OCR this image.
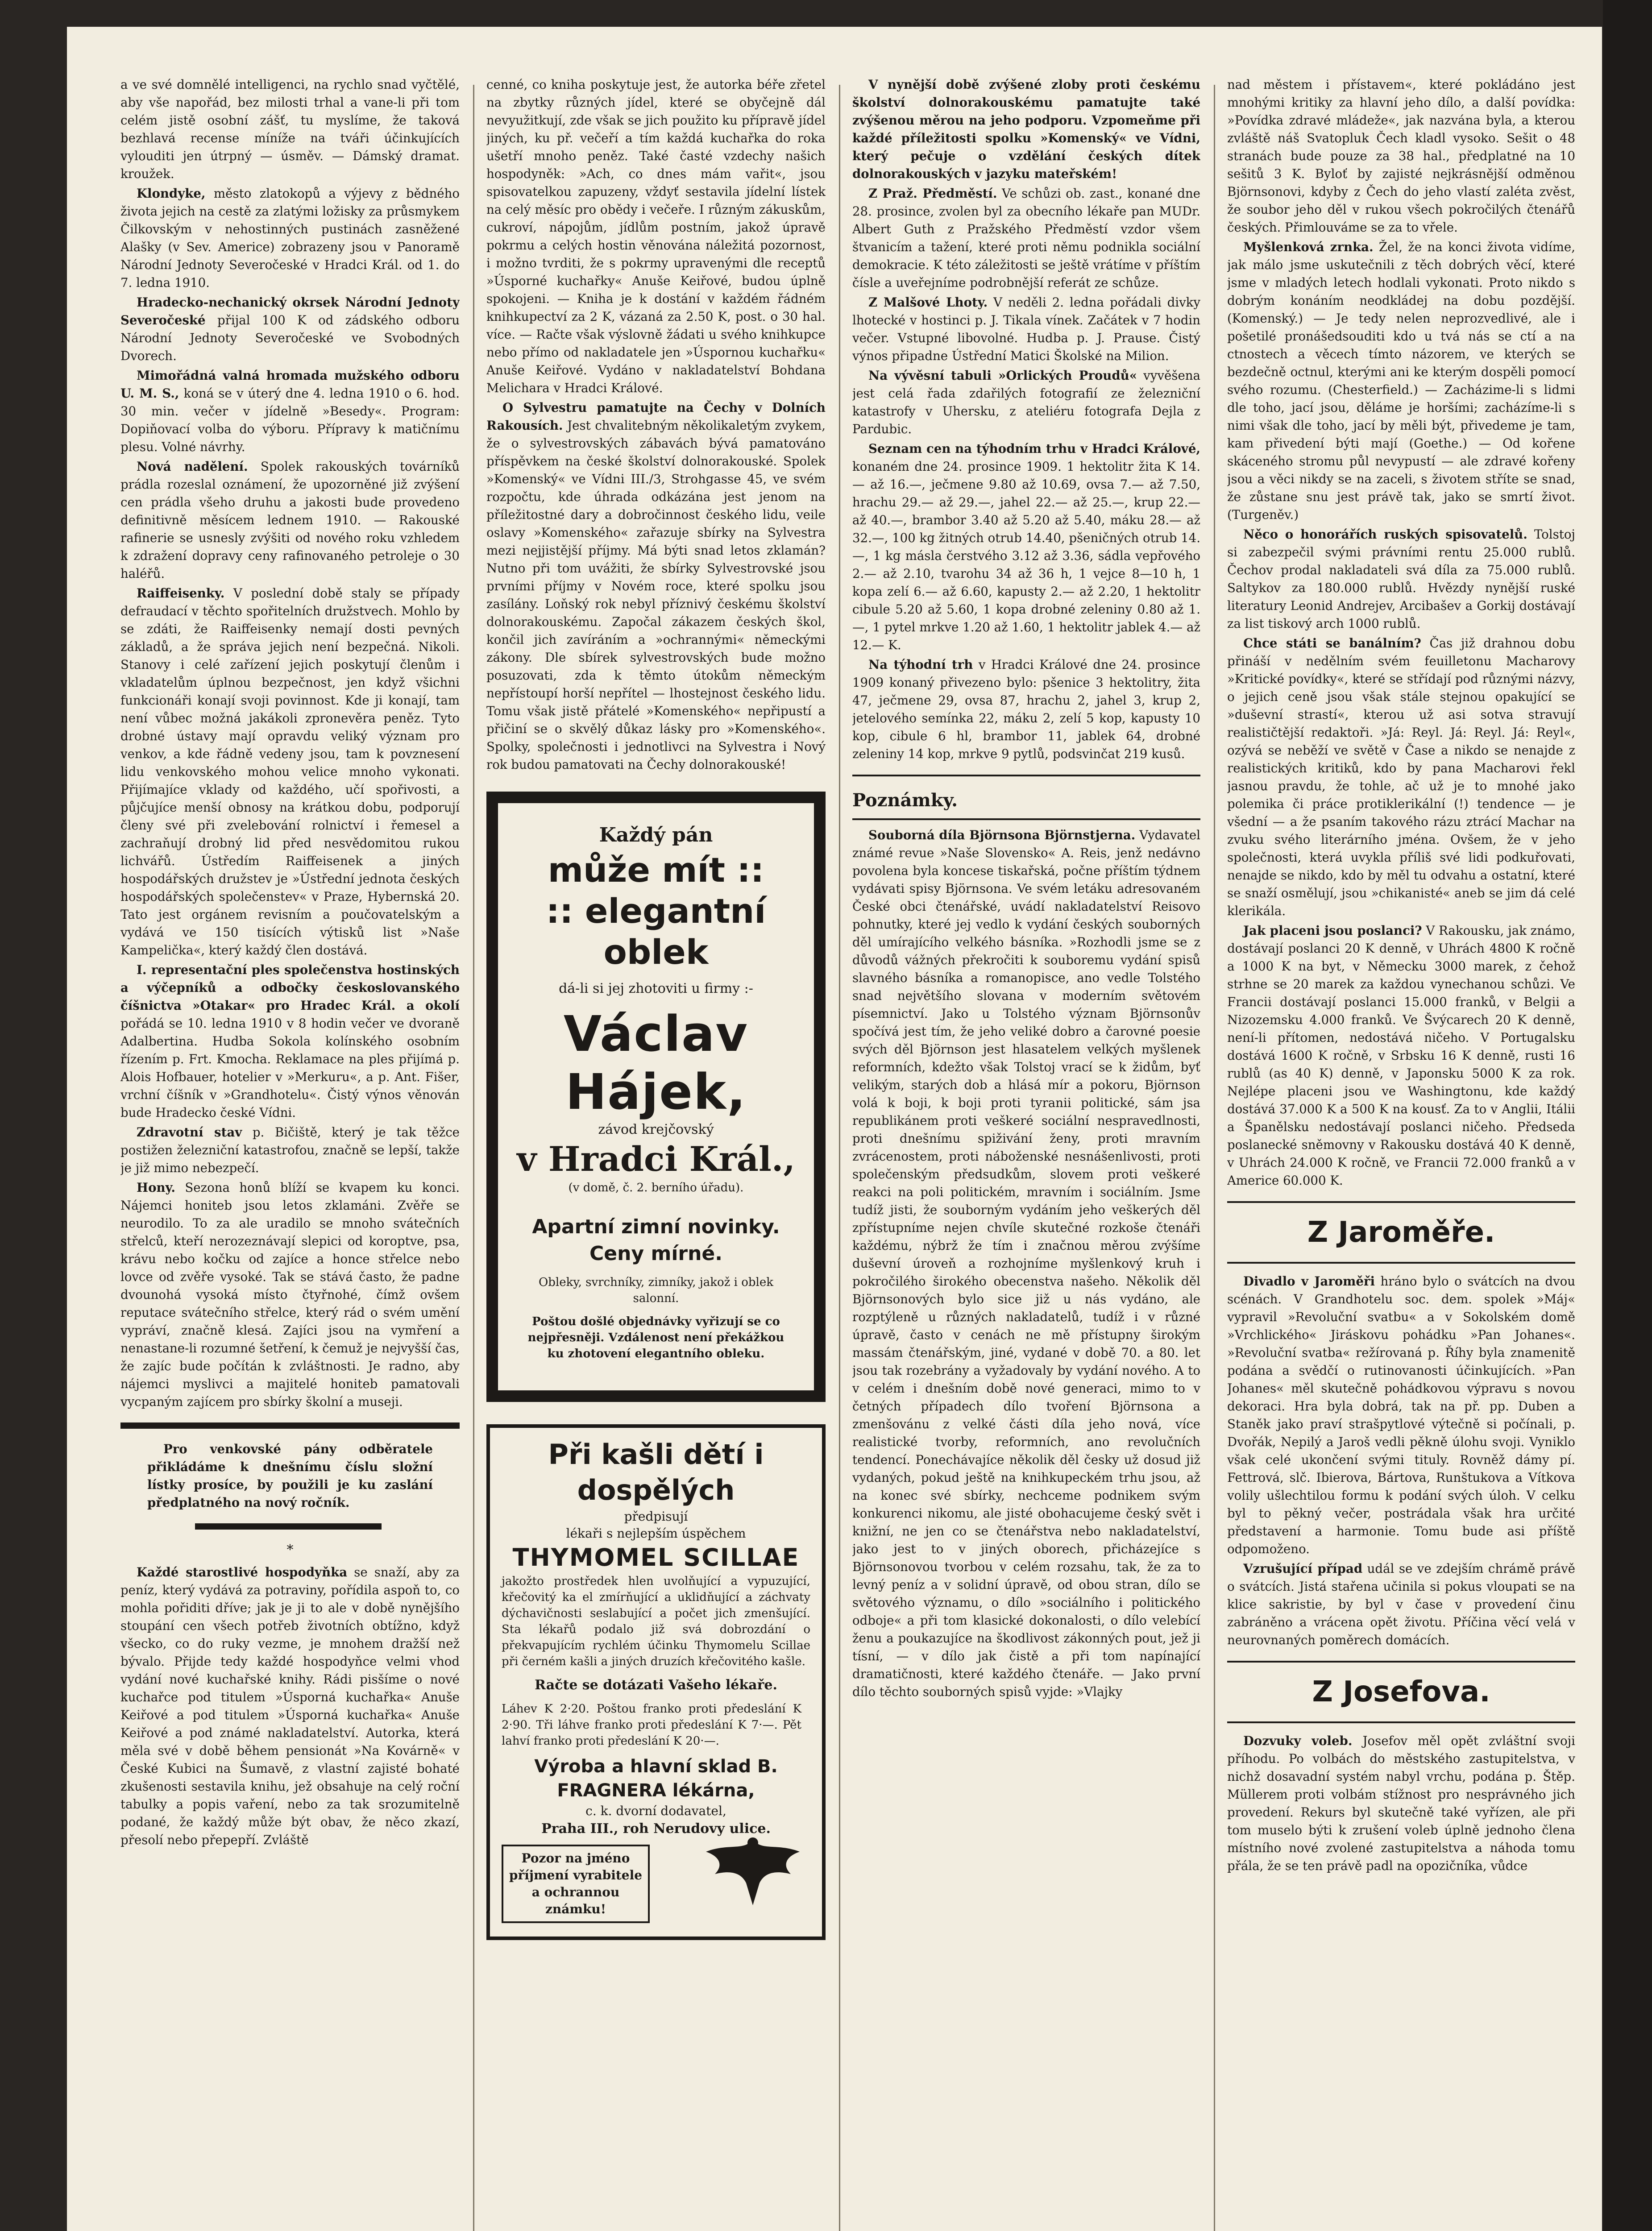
a ve své domnělé intelligenci, na rychlo snad vyčtělé, aby vše napořád, bez milosti trhal a vane-li při tom celém jistě osobní zášť, tu myslíme, že taková bezhlavá recense míníže na tváři účinkujících vylouditi jen útrpný — úsměv. — Dámský dramat. kroužek.

Klondyke, město zlatokopů a výjevy z bědného života jejich na cestě za zlatými ložisky za průsmykem Čilkovským v nehostinných pustinách zasněžené Alašky (v Sev. Americe) zobrazeny jsou v Panoramě Národní Jednoty Severočeské v Hradci Král. od 1. do 7. ledna 1910.

Hradecko-nechanický okrsek Národní Jednoty Severočeské přijal 100 K od zádského odboru Národní Jednoty Severočeské ve Svobodných Dvorech.

Mimořádná valná hromada mužského odboru U. M. S., koná se v úterý dne 4. ledna 1910 o 6. hod. 30 min. večer v jídelně »Besedy«. Program: Dopiňovací volba do výboru. Přípravy k matičnímu plesu. Volné návrhy.

Nová nadělení. Spolek rakouských továrníků prádla rozeslal oznámení, že upozorněné již zvýšení cen prádla všeho druhu a jakosti bude provedeno definitivně měsícem lednem 1910. — Rakouské rafinerie se usnesly zvýšiti od nového roku vzhledem k zdražení dopravy ceny rafinovaného petroleje o 30 haléřů.

Raiffeisenky. V poslední době staly se případy defraudací v těchto spořitelních družstvech. Mohlo by se zdáti, že Raiffeisenky nemají dosti pevných základů, a že správa jejich není bezpečná. Nikoli. Stanovy i celé zařízení jejich poskytují členům i vkladatelům úplnou bezpečnost, jen když všichni funkcionáři konají svoji povinnost. Kde ji konají, tam není vůbec možná jakákoli zpronevěra peněz. Tyto drobné ústavy mají opravdu veliký význam pro venkov, a kde řádně vedeny jsou, tam k povznesení lidu venkovského mohou velice mnoho vykonati. Přijímajíce vklady od každého, učí spořivosti, a půjčujíce menší obnosy na krátkou dobu, podporují členy své při zvelebování rolnictví i řemesel a zachraňují drobný lid před nesvědomitou rukou lichvářů. Ústředím Raiffeisenek a jiných hospodářských družstev je »Ústřední jednota českých hospodářských společenstev« v Praze, Hybernská 20. Tato jest orgánem revisním a poučovatelským a vydává ve 150 tisících výtisků list »Naše Kampelička«, který každý člen dostává.

I. representační ples společenstva hostinských a výčepníků a odbočky českoslovanského číšnictva »Otakar« pro Hradec Král. a okolí pořádá se 10. ledna 1910 v 8 hodin večer ve dvoraně Adalbertina. Hudba Sokola kolínského osobním řízením p. Frt. Kmocha. Reklamace na ples přijímá p. Alois Hofbauer, hotelier v »Merkuru«, a p. Ant. Fišer, vrchní číšník v »Grandhotelu«. Čistý výnos věnován bude Hradecko české Vídni.

Zdravotní stav p. Bičiště, který je tak těžce postižen železniční katastrofou, značně se lepší, takže je již mimo nebezpečí.

Hony. Sezona honů blíží se kvapem ku konci. Nájemci honiteb jsou letos zklamáni. Zvěře se neurodilo. To za ale uradilo se mnoho svátečních střelců, kteří nerozeznávají slepici od koroptve, psa, krávu nebo kočku od zajíce a honce střelce nebo lovce od zvěře vysoké. Tak se stává často, že padne dvounohá vysoká místo čtyřnohé, čímž ovšem reputace svátečního střelce, který rád o svém umění vypráví, značně klesá. Zajíci jsou na vymření a nenastane-li rozumné šetření, k čemuž je nejvyšší čas, že zajíc bude počítán k zvláštnosti. Je radno, aby nájemci myslivci a majitelé honiteb pamatovali vycpaným zajícem pro sbírky školní a museji.

Pro venkovské pány odběratele přikládáme k dnešnímu číslu složní lístky prosíce, by použili je ku zaslání předplatného na nový ročník.

*

Každé starostlivé hospodyňka se snaží, aby za peníz, který vydává za potraviny, pořídila aspoň to, co mohla pořiditi dříve; jak je ji to ale v době nynějšího stoupání cen všech potřeb životních obtížno, když všecko, co do ruky vezme, je mnohem dražší než bývalo. Přijde tedy každé hospodyňce velmi vhod vydání nové kuchařské knihy. Rádi pisšíme o nové kuchařce pod titulem »Úsporná kuchařka« Anuše Keiřové a pod titulem »Úsporná kuchařka« Anuše Keiřové a pod známé nakladatelství. Autorka, která měla své v době během pensionát »Na Kovárně« v České Kubici na Šumavě, z vlastní zajisté bohaté zkušenosti sestavila knihu, jež obsahuje na celý roční tabulky a popis vaření, nebo za tak srozumitelně podané, že každý může být obav, že něco zkazí, přesolí nebo přepepří. Zvláště

cenné, co kniha poskytuje jest, že autorka béře zřetel na zbytky různých jídel, které se obyčejně dál nevyužitkují, zde však se jich použito ku přípravě jídel jiných, ku př. večeří a tím každá kuchařka do roka ušetří mnoho peněz. Také časté vzdechy našich hospodyněk: »Ach, co dnes mám vařit«, jsou spisovatelkou zapuzeny, vždyť sestavila jídelní lístek na celý měsíc pro obědy i večeře. I různým zákuskům, cukroví, nápojům, jídlům postním, jakož úpravě pokrmu a celých hostin věnována náležitá pozornost, i možno tvrditi, že s pokrmy upravenými dle receptů »Úsporné kuchařky« Anuše Keiřové, budou úplně spokojeni. — Kniha je k dostání v každém řádném knihkupectví za 2 K, vázaná za 2.50 K, post. o 30 hal. více. — Račte však výslovně žádati u svého knihkupce nebo přímo od nakladatele jen »Úspornou kuchařku« Anuše Keiřové. Vydáno v nakladatelství Bohdana Melichara v Hradci Králové.

O Sylvestru pamatujte na Čechy v Dolních Rakousích. Jest chvalitebným několikaletým zvykem, že o sylvestrovských zábavách bývá pamatováno příspěvkem na české školství dolnorakouské. Spolek »Komenský« ve Vídni III./3, Strohgasse 45, ve svém rozpočtu, kde úhrada odkázána jest jenom na příležitostné dary a dobročinnost českého lidu, veile oslavy »Komenského« zařazuje sbírky na Sylvestra mezi nejjistější příjmy. Má býti snad letos zklamán? Nutno při tom uvážiti, že sbírky Sylvestrovské jsou prvními příjmy v Novém roce, které spolku jsou zasílány. Loňský rok nebyl příznivý českému školství dolnorakouskému. Započal zákazem českých škol, končil jich zavíráním a »ochrannými« německými zákony. Dle sbírek sylvestrovských bude možno posuzovati, zda k těmto útokům německým nepřístoupí horší nepřítel — lhostejnost českého lidu. Tomu však jistě přátelé »Komenského« nepřipustí a přičiní se o skvělý důkaz lásky pro »Komenského«. Spolky, společnosti i jednotlivci na Sylvestra i Nový rok budou pamatovati na Čechy dolnorakouské!

Každý pán
může mít ::
:: elegantní
oblek
dá-li si jej zhotoviti u firmy :-
Václav Hájek,
závod krejčovský
v Hradci Král.,
(v domě, č. 2. berního úřadu).
Apartní zimní novinky.
Ceny mírné.
Obleky, svrchníky, zimníky, jakož i oblek salonní.
Poštou došlé objednávky vyřizují se co nejpřesněji. Vzdálenost není překážkou ku zhotovení elegantního obleku.
Při kašli dětí i dospělých
předpisují
lékaři s nejlepším úspěchem
THYMOMEL SCILLAE
jakožto prostředek hlen uvolňující a vypuzující, křečovitý ka el zmírňující a uklidňující a záchvaty dýchavičnosti seslabující a počet jich zmenšující. Sta lékařů podalo již svá dobrozdání o překvapujícím rychlém účinku Thymomelu Scillae při černém kašli a jiných druzích křečovitého kašle.
Račte se dotázati Vašeho lékaře.
Láhev K 2·20. Poštou franko proti předeslání K 2·90. Tři láhve franko proti předeslání K 7·—. Pět lahví franko proti předeslání K 20·—.
Výroba a hlavní sklad B.
FRAGNERA lékárna,
c. k. dvorní dodavatel,
Praha III., roh Nerudovy ulice.
Pozor na jméno příjmení vyrabitele a ochrannou známku!

V nynější době zvýšené zloby proti českému školství dolnorakouskému pamatujte také zvýšenou měrou na jeho podporu. Vzpomeňme při každé příležitosti spolku »Komenský« ve Vídni, který pečuje o vzdělání českých dítek dolnorakouských v jazyku mateřském!

Z Praž. Předměstí. Ve schůzi ob. zast., konané dne 28. prosince, zvolen byl za obecního lékaře pan MUDr. Albert Guth z Pražského Předměstí vzdor všem štvanicím a tažení, které proti němu podnikla sociální demokracie. K této záležitosti se ještě vrátíme v příštím čísle a uveřejníme podrobnější referát ze schůze.

Z Malšové Lhoty. V neděli 2. ledna pořádali divky lhotecké v hostinci p. J. Tikala vínek. Začátek v 7 hodin večer. Vstupné libovolné. Hudba p. J. Prause. Čistý výnos připadne Ústřední Matici Školské na Milion.

Na vývěsní tabuli »Orlických Proudů« vyvěšena jest celá řada zdařilých fotografií ze železniční katastrofy v Uhersku, z ateliéru fotografa Dejla z Pardubic.

Seznam cen na týhodním trhu v Hradci Králové, konaném dne 24. prosince 1909. 1 hektolitr žita K 14.— až 16.—, ječmene 9.80 až 10.69, ovsa 7.— až 7.50, hrachu 29.— až 29.—, jahel 22.— až 25.—, krup 22.— až 40.—, brambor 3.40 až 5.20 až 5.40, máku 28.— až 32.—, 100 kg žitných otrub 14.40, pšeničných otrub 14.—, 1 kg másla čerstvého 3.12 až 3.36, sádla vepřového 2.— až 2.10, tvarohu 34 až 36 h, 1 vejce 8—10 h, 1 kopa zelí 6.— až 6.60, kapusty 2.— až 2.20, 1 hektolitr cibule 5.20 až 5.60, 1 kopa drobné zeleniny 0.80 až 1.—, 1 pytel mrkve 1.20 až 1.60, 1 hektolitr jablek 4.— až 12.— K.

Na týhodní trh v Hradci Králové dne 24. prosince 1909 konaný přivezeno bylo: pšenice 3 hektolitry, žita 47, ječmene 29, ovsa 87, hrachu 2, jahel 3, krup 2, jetelového semínka 22, máku 2, zelí 5 kop, kapusty 10 kop, cibule 6 hl, brambor 11, jablek 64, drobné zeleniny 14 kop, mrkve 9 pytlů, podsvinčat 219 kusů.

Poznámky.

Souborná díla Björnsona Björnstjerna. Vydavatel známé revue »Naše Slovensko« A. Reis, jenž nedávno povolena byla koncese tiskařská, počne příštím týdnem vydávati spisy Björnsona. Ve svém letáku adresovaném České obci čtenářské, uvádí nakladatelství Reisovo pohnutky, které jej vedlo k vydání českých souborných děl umírajícího velkého básníka. »Rozhodli jsme se z důvodů vážných překročiti k souboremu vydání spisů slavného básníka a romanopisce, ano vedle Tolstého snad největšího slovana v moderním světovém písemnictví. Jako u Tolstého význam Björnsonův spočívá jest tím, že jeho veliké dobro a čarovné poesie svých děl Björnson jest hlasatelem velkých myšlenek reformních, kdežto však Tolstoj vrací se k židům, byť velikým, starých dob a hlásá mír a pokoru, Björnson volá k boji, k boji proti tyranii politické, sám jsa republikánem proti veškeré sociální nespravedlnosti, proti dnešnímu spiživání ženy, proti mravním zvrácenostem, proti náboženské nesnášenlivosti, proti společenským předsudkům, slovem proti veškeré reakci na poli politickém, mravním i sociálním. Jsme tudíž jisti, že souborným vydáním jeho veškerých děl zpřístupníme nejen chvíle skutečné rozkoše čtenáři každému, nýbrž že tím i značnou měrou zvýšíme duševní úroveň a rozhojníme myšlenkový kruh i pokročilého širokého obecenstva našeho. Několik děl Björnsonových bylo sice již u nás vydáno, ale rozptýleně u různých nakladatelů, tudíž i v různé úpravě, často v cenách ne mě přístupny širokým massám čtenářským, jiné, vydané v době 70. a 80. let jsou tak rozebrány a vyžadovaly by vydání nového. A to v celém i dnešním době nové generaci, mimo to v četných případech dílo tvoření Björnsona a zmenšovánu z velké části díla jeho nová, více realistické tvorby, reformních, ano revolučních tendencí. Ponechávajíce několik děl česky už dosud již vydaných, pokud ještě na knihkupeckém trhu jsou, až na konec své sbírky, nechceme podnikem svým konkurenci nikomu, ale jisté obohacujeme český svět i knižní, ne jen co se čtenářstva nebo nakladatelství, jako jest to v jiných oborech, přicházejíce s Björnsonovou tvorbou v celém rozsahu, tak, že za to levný peníz a v solidní úpravě, od obou stran, dílo se světového významu, o dílo »sociálního i politického odboje« a při tom klasické dokonalosti, o dílo velebící ženu a poukazujíce na škodlivost zákonných pout, jež ji tísní, — v dílo jak čistě a při tom napínající dramatičnosti, které každého čtenáře. — Jako první dílo těchto souborných spisů vyjde: »Vlajky

nad městem i přístavem«, které pokládáno jest mnohými kritiky za hlavní jeho dílo, a další povídka: »Povídka zdravé mládeže«, jak nazvána byla, a kterou zvláště náš Svatopluk Čech kladl vysoko. Sešit o 48 stranách bude pouze za 38 hal., předplatné na 10 sešitů 3 K. Byloť by zajisté nejkrásnější odměnou Björnsonovi, kdyby z Čech do jeho vlastí zaléta zvěst, že soubor jeho děl v rukou všech pokročilých čtenářů českých. Přimlouváme se za to vřele.

Myšlenková zrnka. Žel, že na konci života vidíme, jak málo jsme uskutečnili z těch dobrých věcí, které jsme v mladých letech hodlali vykonati. Proto nikdo s dobrým konáním neodkládej na dobu pozdější. (Komenský.) — Je tedy nelen neprozvedlivé, ale i pošetilé pronášedsouditi kdo u tvá nás se ctí a na ctnostech a věcech tímto názorem, ve kterých se bezdečně octnul, kterými ani ke kterým dospěli pomocí svého rozumu. (Chesterfield.) — Zacházime-li s lidmi dle toho, jací jsou, děláme je horšími; zacházíme-li s nimi však dle toho, jací by měli být, přivedeme je tam, kam přivedení býti mají (Goethe.) — Od kořene skáceného stromu půl nevypustí — ale zdravé kořeny jsou a věci nikdy se na zaceli, s životem stříte se snad, že zůstane snu jest právě tak, jako se smrtí život. (Turgeněv.)

Něco o honorářích ruských spisovatelů. Tolstoj si zabezpečil svými právními rentu 25.000 rublů. Čechov prodal nakladateli svá díla za 75.000 rublů. Saltykov za 180.000 rublů. Hvězdy nynější ruské literatury Leonid Andrejev, Arcibašev a Gorkij dostávají za list tiskový arch 1000 rublů.

Chce státi se banálním? Čas již drahnou dobu přináší v nedělním svém feuilletonu Macharovy »Kritické povídky«, které se střídají pod různými názvy, o jejich ceně jsou však stále stejnou opakující se »duševní strastí«, kterou už asi sotva stravují realističtější redaktoři. »Já: Reyl. Já: Reyl. Já: Reyl«, ozývá se neběží ve světě v Čase a nikdo se nenajde z realistických kritiků, kdo by pana Macharovi řekl jasnou pravdu, že tohle, ač už je to mnohé jako polemika či práce protiklerikální (!) tendence — je všední — a že psaním takového rázu ztrácí Machar na zvuku svého literárního jména. Ovšem, že v jeho společnosti, která uvykla příliš své lidi podkuřovati, nenajde se nikdo, kdo by měl tu odvahu a ostatní, které se snaží osmělují, jsou »chikanisté« aneb se jim dá celé klerikála.

Jak placeni jsou poslanci? V Rakousku, jak známo, dostávají poslanci 20 K denně, v Uhrách 4800 K ročně a 1000 K na byt, v Německu 3000 marek, z čehož strhne se 20 marek za každou vynechanou schůzi. Ve Francii dostávají poslanci 15.000 franků, v Belgii a Nizozemsku 4.000 franků. Ve Švýcarech 20 K denně, není-li přítomen, nedostává ničeho. V Portugalsku dostává 1600 K ročně, v Srbsku 16 K denně, rusti 16 rublů (as 40 K) denně, v Japonsku 5000 K za rok. Nejlépe placeni jsou ve Washingtonu, kde každý dostává 37.000 K a 500 K na kousť. Za to v Anglii, Itálii a Španělsku nedostávají poslanci ničeho. Předseda poslanecké sněmovny v Rakousku dostává 40 K denně, v Uhrách 24.000 K ročně, ve Francii 72.000 franků a v Americe 60.000 K.

Z Jaroměře.

Divadlo v Jaroměři hráno bylo o svátcích na dvou scénách. V Grandhotelu soc. dem. spolek »Máj« vypravil »Revoluční svatbu« a v Sokolském domě »Vrchlického« Jiráskovu pohádku »Pan Johanes«. »Revoluční svatba« režírovaná p. Říhy byla znamenitě podána a svědčí o rutinovanosti účinkujících. »Pan Johanes« měl skutečně pohádkovou výpravu s novou dekoraci. Hra byla dobrá, tak na př. pp. Duben a Staněk jako praví strašpytlové výtečně si počínali, p. Dvořák, Nepilý a Jaroš vedli pěkně úlohu svoji. Vyniklo však celé ukončení svými tituly. Rovněž dámy pí. Fettrová, slč. Ibierova, Bártova, Runštukova a Vítkova volily ušlechtilou formu k podání svých úloh. V celku byl to pěkný večer, postrádala však hra určité představení a harmonie. Tomu bude asi příště odpomoženo.

Vzrušující případ udál se ve zdejším chrámě právě o svátcích. Jistá stařena učinila si pokus vloupati se na klice sakristie, by byl v čase v provedení činu zabráněno a vrácena opět životu. Příčina věcí velá v neurovnaných poměrech domácích.

Z Josefova.

Dozvuky voleb. Josefov měl opět zvláštní svoji příhodu. Po volbách do městského zastupitelstva, v nichž dosavadní systém nabyl vrchu, podána p. Štěp. Müllerem proti volbám stížnost pro nesprávného jich provedení. Rekurs byl skutečně také vyřízen, ale při tom muselo býti k zrušení voleb úplně jednoho člena místního nové zvolené zastupitelstva a náhoda tomu přála, že se ten právě padl na opozičníka, vůdce
